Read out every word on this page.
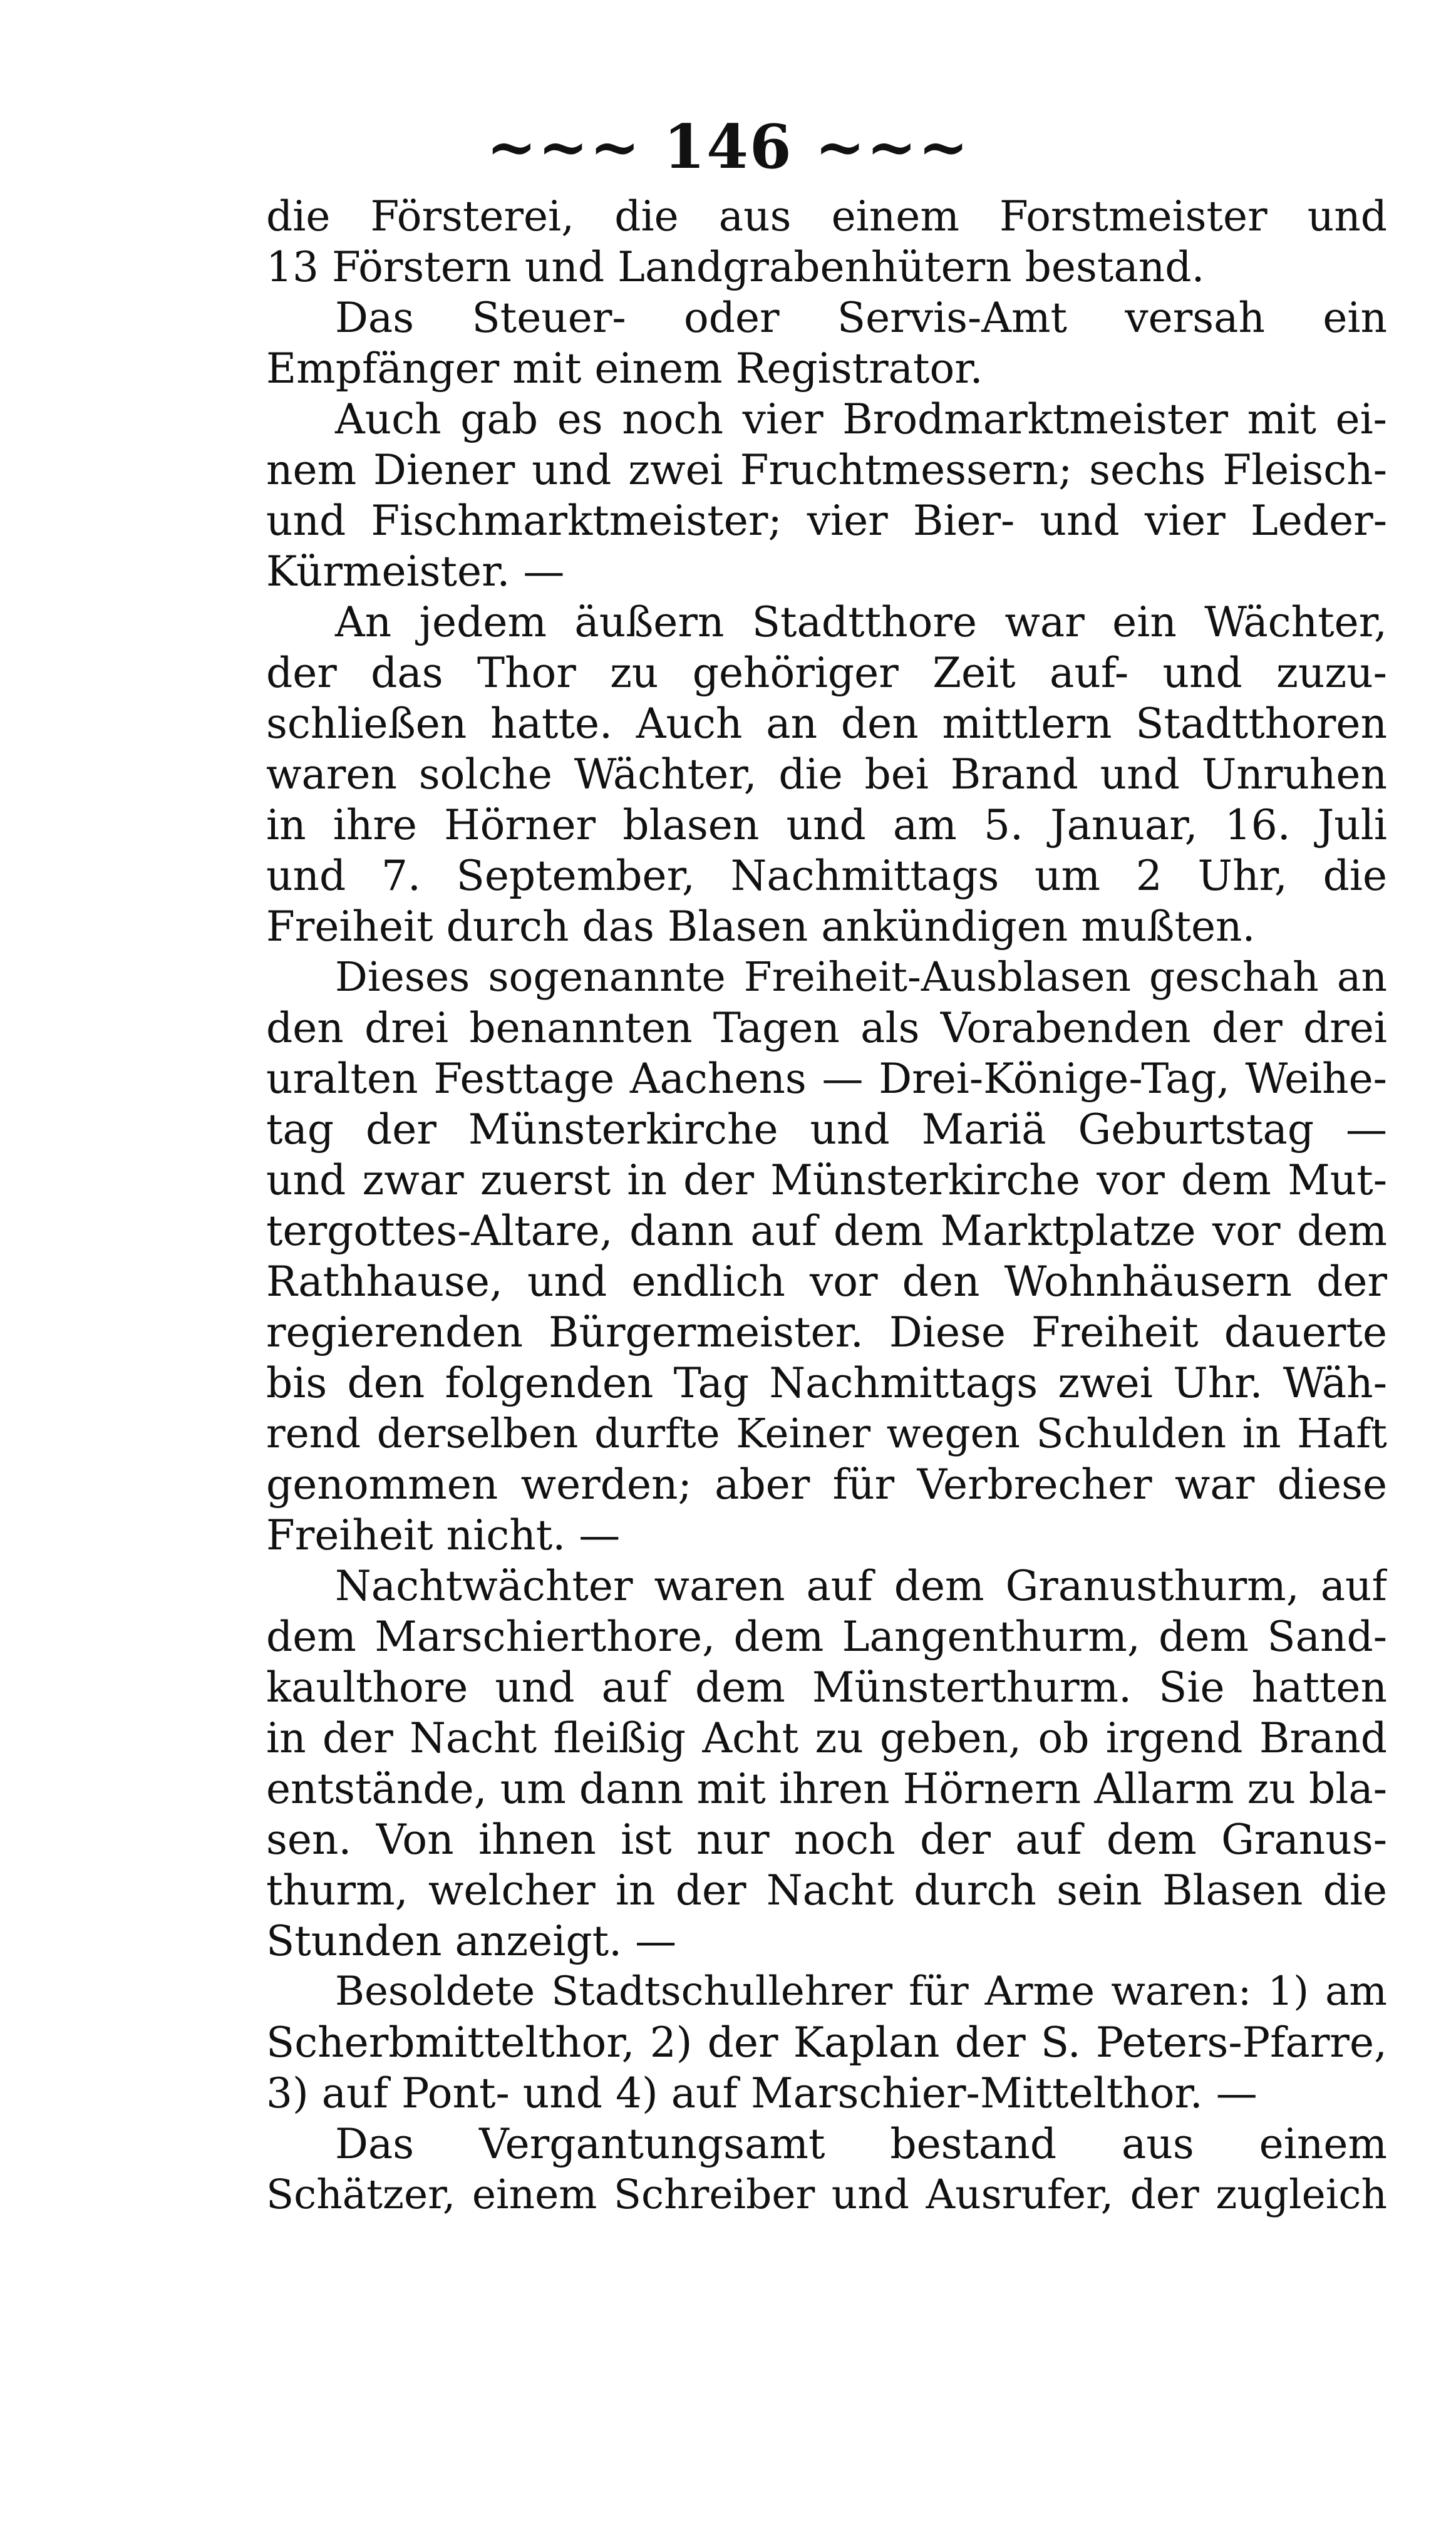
~~~ 146 ~~~
die Försterei, die aus einem Forstmeister und
13 Förstern und Landgrabenhütern bestand.
Das Steuer- oder Servis-Amt versah ein
Empfänger mit einem Registrator.
Auch gab es noch vier Brodmarktmeister mit ei-
nem Diener und zwei Fruchtmessern; sechs Fleisch-
und Fischmarktmeister; vier Bier- und vier Leder-
Kürmeister. —
An jedem äußern Stadtthore war ein Wächter,
der das Thor zu gehöriger Zeit auf- und zuzu-
schließen hatte. Auch an den mittlern Stadtthoren
waren solche Wächter, die bei Brand und Unruhen
in ihre Hörner blasen und am 5. Januar, 16. Juli
und 7. September, Nachmittags um 2 Uhr, die
Freiheit durch das Blasen ankündigen mußten.
Dieses sogenannte Freiheit-Ausblasen geschah an
den drei benannten Tagen als Vorabenden der drei
uralten Festtage Aachens — Drei-Könige-Tag, Weihe-
tag der Münsterkirche und Mariä Geburtstag —
und zwar zuerst in der Münsterkirche vor dem Mut-
tergottes-Altare, dann auf dem Marktplatze vor dem
Rathhause, und endlich vor den Wohnhäusern der
regierenden Bürgermeister. Diese Freiheit dauerte
bis den folgenden Tag Nachmittags zwei Uhr. Wäh-
rend derselben durfte Keiner wegen Schulden in Haft
genommen werden; aber für Verbrecher war diese
Freiheit nicht. —
Nachtwächter waren auf dem Granusthurm, auf
dem Marschierthore, dem Langenthurm, dem Sand-
kaulthore und auf dem Münsterthurm. Sie hatten
in der Nacht fleißig Acht zu geben, ob irgend Brand
entstände, um dann mit ihren Hörnern Allarm zu bla-
sen. Von ihnen ist nur noch der auf dem Granus-
thurm, welcher in der Nacht durch sein Blasen die
Stunden anzeigt. —
Besoldete Stadtschullehrer für Arme waren: 1) am
Scherbmittelthor, 2) der Kaplan der S. Peters-Pfarre,
3) auf Pont- und 4) auf Marschier-Mittelthor. —
Das Vergantungsamt bestand aus einem
Schätzer, einem Schreiber und Ausrufer, der zugleich
